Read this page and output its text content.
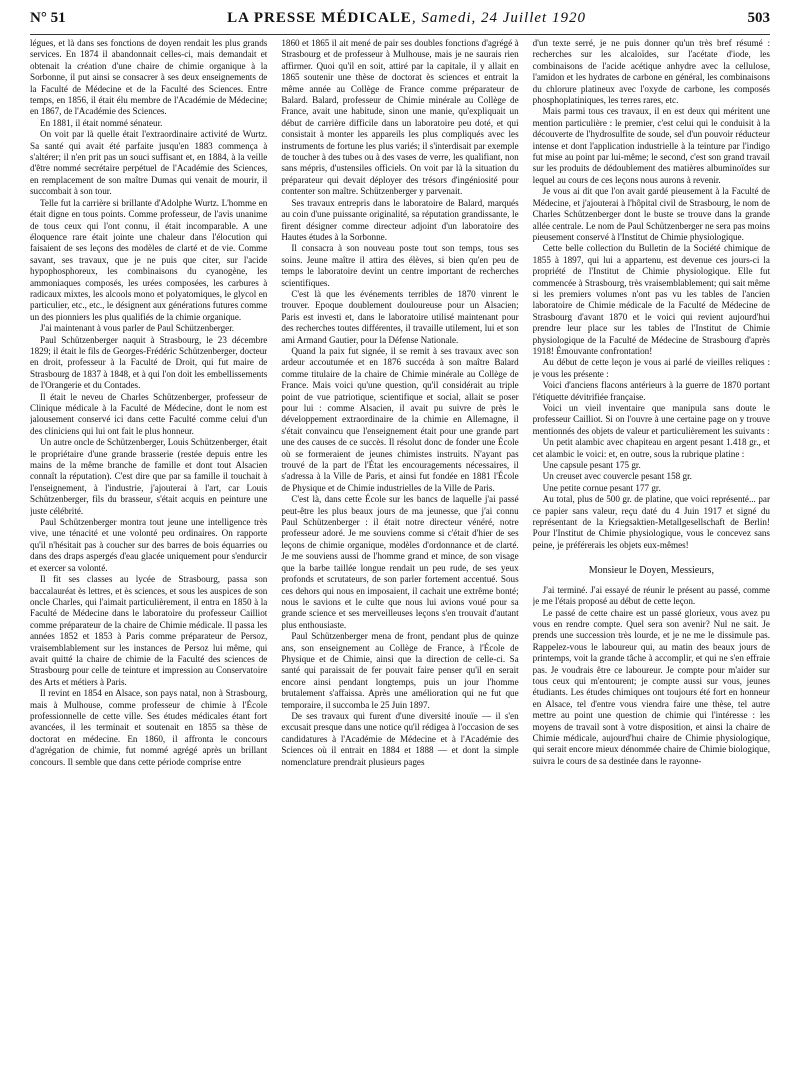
N° 51	LA PRESSE MÉDICALE, Samedi, 24 Juillet 1920	503

légues, et là dans ses fonctions de doyen rendait les plus grands services. En 1874 il abandonnait celles-ci, mais demandait et obtenait la création d'une chaire de chimie organique à la Sorbonne, il put ainsi se consacrer à ses deux enseignements de la Faculté de Médecine et de la Faculté des Sciences. Entre temps, en 1856, il était élu membre de l'Académie de Médecine; en 1867, de l'Académie des Sciences.

En 1881, il était nommé sénateur.

On voit par là quelle était l'extraordinaire activité de Wurtz. Sa santé qui avait été parfaite jusqu'en 1883 commença à s'altérer; il n'en prit pas un souci suffisant et, en 1884, à la veille d'être nommé secrétaire perpétuel de l'Académie des Sciences, en remplacement de son maître Dumas qui venait de mourir, il succombait à son tour.

Telle fut la carrière si brillante d'Adolphe Wurtz. L'homme en était digne en tous points. Comme professeur, de l'avis unanime de tous ceux qui l'ont connu, il était incomparable. A une éloquence rare était jointe une chaleur dans l'élocution qui faisaient de ses leçons des modèles de clarté et de vie. Comme savant, ses travaux, que je ne puis que citer, sur l'acide hypophosphoreux, les combinaisons du cyanogène, les ammoniaques composés, les urées composées, les carbures à radicaux mixtes, les alcools mono et polyatomiques, le glycol en particulier, etc., etc., le désignent aux générations futures comme un des pionniers les plus qualifiés de la chimie organique.

J'ai maintenant à vous parler de Paul Schützenberger.

Paul Schützenberger naquit à Strasbourg, le 23 décembre 1829; il était le fils de Georges-Frédéric Schützenberger, docteur en droit, professeur à la Faculté de Droit, qui fut maire de Strasbourg de 1837 à 1848, et à qui l'on doit les embellissements de l'Orangerie et du Contades.

Il était le neveu de Charles Schützenberger, professeur de Clinique médicale à la Faculté de Médecine, dont le nom est jalousement conservé ici dans cette Faculté comme celui d'un des cliniciens qui lui ont fait le plus honneur.

Un autre oncle de Schützenberger, Louis Schützenberger, était le propriétaire d'une grande brasserie (restée depuis entre les mains de la même branche de famille et dont tout Alsacien connaît la réputation). C'est dire que par sa famille il touchait à l'enseignement, à l'industrie, j'ajouterai à l'art, car Louis Schützenberger, fils du brasseur, s'était acquis en peinture une juste célébrité.

Paul Schützenberger montra tout jeune une intelligence très vive, une ténacité et une volonté peu ordinaires. On rapporte qu'il n'hésitait pas à coucher sur des barres de bois équarries ou dans des draps aspergés d'eau glacée uniquement pour s'endurcir et exercer sa volonté.

Il fit ses classes au lycée de Strasbourg, passa son baccalauréat ès lettres, et ès sciences, et sous les auspices de son oncle Charles, qui l'aimait particulièrement, il entra en 1850 à la Faculté de Médecine dans le laboratoire du professeur Cailliot comme préparateur de la chaire de Chimie médicale. Il passa les années 1852 et 1853 à Paris comme préparateur de Persoz, vraisemblablement sur les instances de Persoz lui même, qui avait quitté la chaire de chimie de la Faculté des sciences de Strasbourg pour celle de teinture et impression au Conservatoire des Arts et métiers à Paris.

Il revint en 1854 en Alsace, son pays natal, non à Strasbourg, mais à Mulhouse, comme professeur de chimie à l'École professionnelle de cette ville. Ses études médicales étant fort avancées, il les terminait et soutenait en 1855 sa thèse de doctorat en médecine. En 1860, il affronta le concours d'agrégation de chimie, fut nommé agrégé après un brillant concours. Il semble que dans cette période comprise entre

1860 et 1865 il ait mené de pair ses doubles fonctions d'agrégé à Strasbourg et de professeur à Mulhouse, mais je ne saurais rien affirmer. Quoi qu'il en soit, attiré par la capitale, il y allait en 1865 soutenir une thèse de doctorat ès sciences et entrait la même année au Collège de France comme préparateur de Balard. Balard, professeur de Chimie minérale au Collège de France, avait une habitude, sinon une manie, qu'expliquait un début de carrière difficile dans un laboratoire peu doté, et qui consistait à monter les appareils les plus compliqués avec les instruments de fortune les plus variés; il s'interdisait par exemple de toucher à des tubes ou à des vases de verre, les qualifiant, non sans mépris, d'ustensiles officiels. On voit par là la situation du préparateur qui devait déployer des trésors d'ingéniosité pour contenter son maître. Schützenberger y parvenait.

Ses travaux entrepris dans le laboratoire de Balard, marqués au coin d'une puissante originalité, sa réputation grandissante, le firent désigner comme directeur adjoint d'un laboratoire des Hautes études à la Sorbonne.

Il consacra à son nouveau poste tout son temps, tous ses soins. Jeune maître il attira des élèves, si bien qu'en peu de temps le laboratoire devint un centre important de recherches scientifiques.

C'est là que les événements terribles de 1870 vinrent le trouver. Epoque doublement douloureuse pour un Alsacien; Paris est investi et, dans le laboratoire utilisé maintenant pour des recherches toutes différentes, il travaille utilement, lui et son ami Armand Gautier, pour la Défense Nationale.

Quand la paix fut signée, il se remit à ses travaux avec son ardeur accoutumée et en 1876 succéda à son maître Balard comme titulaire de la chaire de Chimie minérale au Collège de France. Mais voici qu'une question, qu'il considérait au triple point de vue patriotique, scientifique et social, allait se poser pour lui : comme Alsacien, il avait pu suivre de près le développement extraordinaire de la chimie en Allemagne, il s'était convaincu que l'enseignement était pour une grande part une des causes de ce succès. Il résolut donc de fonder une École où se formeraient de jeunes chimistes instruits. N'ayant pas trouvé de la part de l'État les encouragements nécessaires, il s'adressa à la Ville de Paris, et ainsi fut fondée en 1881 l'École de Physique et de Chimie industrielles de la Ville de Paris.

C'est là, dans cette École sur les bancs de laquelle j'ai passé peut-être les plus beaux jours de ma jeunesse, que j'ai connu Paul Schützenberger : il était notre directeur vénéré, notre professeur adoré. Je me souviens comme si c'était d'hier de ses leçons de chimie organique, modèles d'ordonnance et de clarté. Je me souviens aussi de l'homme grand et mince, de son visage que la barbe taillée longue rendait un peu rude, de ses yeux profonds et scrutateurs, de son parler fortement accentué. Sous ces dehors qui nous en imposaient, il cachait une extrême bonté; nous le savions et le culte que nous lui avions voué pour sa grande science et ses merveilleuses leçons s'en trouvait d'autant plus enthousiaste.

Paul Schützenberger mena de front, pendant plus de quinze ans, son enseignement au Collège de France, à l'École de Physique et de Chimie, ainsi que la direction de celle-ci. Sa santé qui paraissait de fer pouvait faire penser qu'il en serait encore ainsi pendant longtemps, puis un jour l'homme brutalement s'affaissa. Après une amélioration qui ne fut que temporaire, il succomba le 25 Juin 1897.

De ses travaux qui furent d'une diversité inouïe — il s'en excusait presque dans une notice qu'il rédigea à l'occasion de ses candidatures à l'Académie de Médecine et à l'Académie des Sciences où il entrait en 1884 et 1888 — et dont la simple nomenclature prendrait plusieurs pages

d'un texte serré, je ne puis donner qu'un très bref résumé : recherches sur les alcaloïdes, sur l'acétate d'iode, les combinaisons de l'acide acétique anhydre avec la cellulose, l'amidon et les hydrates de carbone en général, les combinaisons du chlorure platineux avec l'oxyde de carbone, les composés phosphoplatiniques, les terres rares, etc.

Mais parmi tous ces travaux, il en est deux qui méritent une mention particulière : le premier, c'est celui qui le conduisit à la découverte de l'hydrosulfite de soude, sel d'un pouvoir réducteur intense et dont l'application industrielle à la teinture par l'indigo fut mise au point par lui-même; le second, c'est son grand travail sur les produits de dédoublement des matières albuminoïdes sur lequel au cours de ces leçons nous aurons à revenir.

Je vous ai dit que l'on avait gardé pieusement à la Faculté de Médecine, et j'ajouterai à l'hôpital civil de Strasbourg, le nom de Charles Schützenberger dont le buste se trouve dans la grande allée centrale. Le nom de Paul Schützenberger ne sera pas moins pieusement conservé à l'Institut de Chimie physiologique.

Cette belle collection du Bulletin de la Société chimique de 1855 à 1897, qui lui a appartenu, est devenue ces jours-ci la propriété de l'Institut de Chimie physiologique. Elle fut commencée à Strasbourg, très vraisemblablement; qui sait même si les premiers volumes n'ont pas vu les tables de l'ancien laboratoire de Chimie médicale de la Faculté de Médecine de Strasbourg d'avant 1870 et le voici qui revient aujourd'hui prendre leur place sur les tables de l'Institut de Chimie physiologique de la Faculté de Médecine de Strasbourg d'après 1918! Émouvante confrontation!

Au début de cette leçon je vous ai parlé de vieilles reliques : je vous les présente :

Voici d'anciens flacons antérieurs à la guerre de 1870 portant l'étiquette dévitrifiée française.

Voici un vieil inventaire que manipula sans doute le professeur Cailliot. Si on l'ouvre à une certaine page on y trouve mentionnés des objets de valeur et particulièrement les suivants :

Un petit alambic avec chapiteau en argent pesant 1.418 gr., et cet alambic le voici: et, en outre, sous la rubrique platine :

Une capsule pesant 175 gr.

Un creuset avec couvercle pesant 158 gr.

Une petite cornue pesant 177 gr.

Au total, plus de 500 gr. de platine, que voici représenté... par ce papier sans valeur, reçu daté du 4 Juin 1917 et signé du représentant de la Kriegsaktien-Metallgesellschaft de Berlin! Pour l'Institut de Chimie physiologique, vous le concevez sans peine, je préférerais les objets eux-mêmes!

Monsieur le Doyen, Messieurs,

J'ai terminé. J'ai essayé de réunir le présent au passé, comme je me l'étais proposé au début de cette leçon.

Le passé de cette chaire est un passé glorieux, vous avez pu vous en rendre compte. Quel sera son avenir? Nul ne sait. Je prends une succession très lourde, et je ne me le dissimule pas. Rappelez-vous le laboureur qui, au matin des beaux jours de printemps, voit la grande tâche à accomplir, et qui ne s'en effraie pas. Je voudrais être ce laboureur. Je compte pour m'aider sur tous ceux qui m'entourent; je compte aussi sur vous, jeunes étudiants. Les études chimiques ont toujours été fort en honneur en Alsace, tel d'entre vous viendra faire une thèse, tel autre mettre au point une question de chimie qui l'intéresse : les moyens de travail sont à votre disposition, et ainsi la chaire de Chimie médicale, aujourd'hui chaire de Chimie physiologique, qui serait encore mieux dénommée chaire de Chimie biologique, suivra le cours de sa destinée dans le rayonne-
